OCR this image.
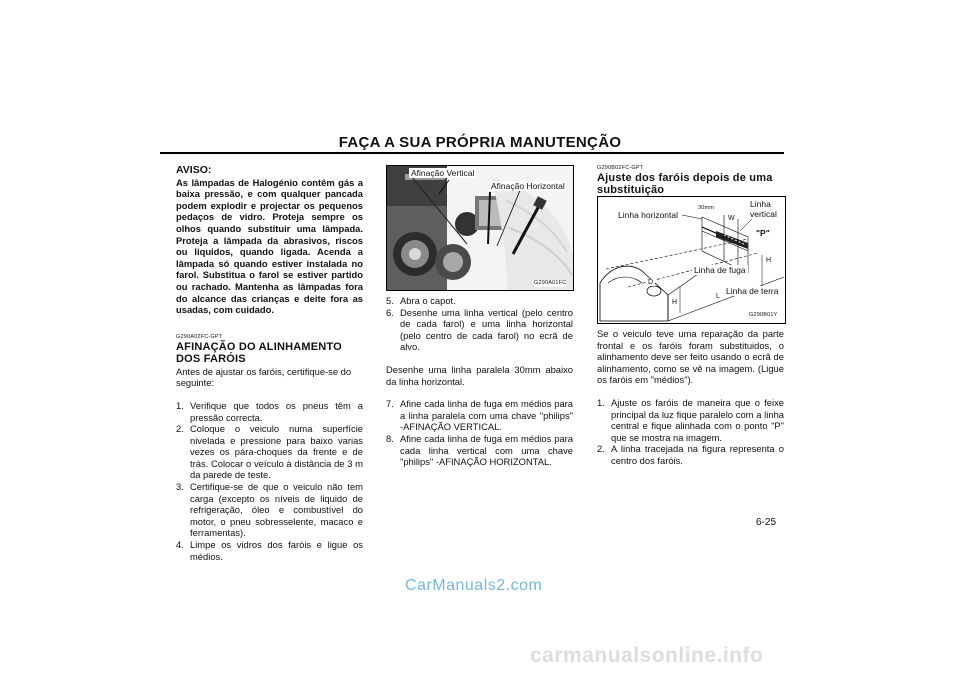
FAÇA A SUA PRÓPRIA MANUTENÇÃO
AVISO:

As lâmpadas de Halogénio contêm gás a baixa pressão, e com qualquer pancada podem explodir e projectar os pequenos pedaços de vidro. Proteja sempre os olhos quando substituir uma lâmpada. Proteja a lâmpada da abrasivos, riscos ou liquidos, quando ligada. Acenda a lâmpada só quando estiver instalada no farol. Substitua o farol se estiver partido ou rachado. Mantenha as lâmpadas fora do alcance das crianças e deite fora as usadas, com cuidado.

G290A02FC-GPT
AFINAÇÃO DO ALINHAMENTO DOS FARÓIS

Antes de ajustar os faróis, certifique-se do seguinte:

1. Verifique que todos os pneus têm a pressão correcta.
2. Coloque o veiculo numa superfície nivelada e pressione para baixo varias vezes os pára-choques da frente e de trás. Colocar o veículo à distância de 3 m da parede de teste.
3. Certifique-se de que o veiculo não tem carga (excepto os níveis de liquido de refrigeração, óleo e combustível do motor, o pneu sobresselente, macaco e ferramentas).
4. Limpe os vidros dos faróis e ligue os médios.
Afinação Vertical
Afinação Horizontal
G290A01FC
5. Abra o capot.
6. Desenhe uma linha vertical (pelo centro de cada farol) e uma linha horizontal (pelo centro de cada farol) no ecrã de alvo.

Desenhe uma linha paralela 30mm abaixo da linha horizontal.

7. Afine cada linha de fuga em médios para a linha paralela com uma chave "philips" -AFINAÇÃO VERTICAL.
8. Afine cada linha de fuga em médios para cada linha vertical com uma chave "philips" -AFINAÇÃO HORIZONTAL.
G290B02FC-GPT
Ajuste dos faróis depois de uma substituição
Linha horizontal
30mm
W
Linha
vertical
"P"
Linha de fuga
H
H
D
L
Linha de terra
G290B01Y

Se o veiculo teve uma reparação da parte frontal e os faróis foram substituidos, o alinhamento deve ser feito usando o ecrã de alinhamento, como se vê na imagem. (Ligue os faróis em "médios").

1. Ajuste os faróis de maneira que o feixe principal da luz fique paralelo com a linha central e fique alinhada com o ponto "P" que se mostra na imagem.
2. A linha tracejada na figura representa o centro dos faróis.
6-25
CarManuals2.com
carmanualsonline.info
